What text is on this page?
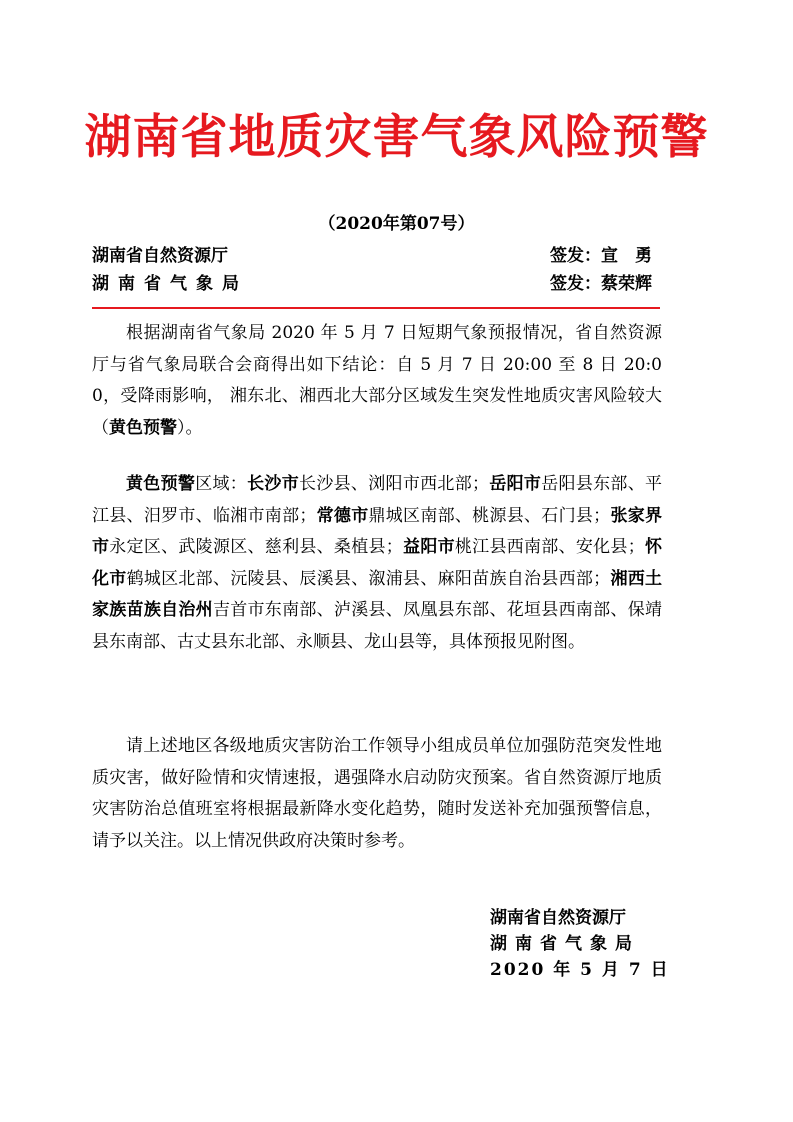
湖南省地质灾害气象风险预警
（2020年第07号）
湖南省自然资源厅	签发：宣　勇
湖南省气象局	签发：蔡荣辉
根据湖南省气象局 2020 年 5 月 7 日短期气象预报情况，省自然资源厅与省气象局联合会商得出如下结论：自 5 月 7 日 20:00 至 8 日 20:00，受降雨影响， 湘东北、湘西北大部分区域发生突发性地质灾害风险较大（黄色预警）。
黄色预警区域：长沙市长沙县、浏阳市西北部；岳阳市岳阳县东部、平江县、汨罗市、临湘市南部；常德市鼎城区南部、桃源县、石门县；张家界市永定区、武陵源区、慈利县、桑植县；益阳市桃江县西南部、安化县；怀化市鹤城区北部、沅陵县、辰溪县、溆浦县、麻阳苗族自治县西部；湘西土家族苗族自治州吉首市东南部、泸溪县、凤凰县东部、花垣县西南部、保靖县东南部、古丈县东北部、永顺县、龙山县等，具体预报见附图。
请上述地区各级地质灾害防治工作领导小组成员单位加强防范突发性地质灾害，做好险情和灾情速报，遇强降水启动防灾预案。省自然资源厅地质灾害防治总值班室将根据最新降水变化趋势，随时发送补充加强预警信息，请予以关注。以上情况供政府决策时参考。
湖南省自然资源厅
湖南省气象局
2020 年 5 月 7 日
